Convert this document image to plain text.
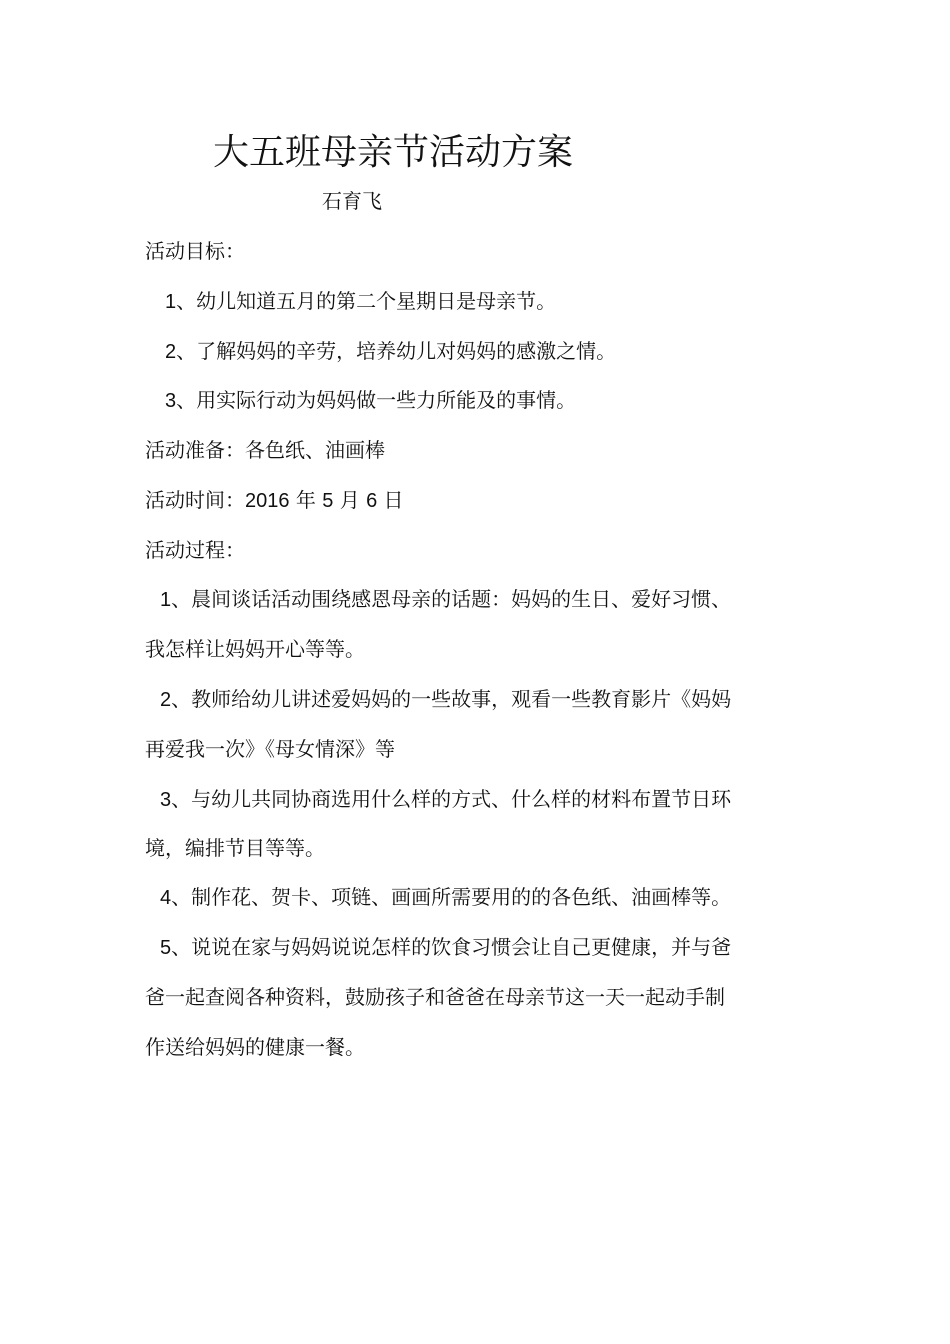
大五班母亲节活动方案
石育飞
活动目标：
1、幼儿知道五月的第二个星期日是母亲节。
2、了解妈妈的辛劳，培养幼儿对妈妈的感激之情。
3、用实际行动为妈妈做一些力所能及的事情。
活动准备：各色纸、油画棒
活动时间：2016 年 5 月 6 日
活动过程：
1、晨间谈话活动围绕感恩母亲的话题：妈妈的生日、爱好习惯、
我怎样让妈妈开心等等。
2、教师给幼儿讲述爱妈妈的一些故事，观看一些教育影片《妈妈
再爱我一次》《母女情深》等
3、与幼儿共同协商选用什么样的方式、什么样的材料布置节日环
境，编排节目等等。
4、制作花、贺卡、项链、画画所需要用的的各色纸、油画棒等。
5、说说在家与妈妈说说怎样的饮食习惯会让自己更健康，并与爸
爸一起查阅各种资料，鼓励孩子和爸爸在母亲节这一天一起动手制
作送给妈妈的健康一餐。
